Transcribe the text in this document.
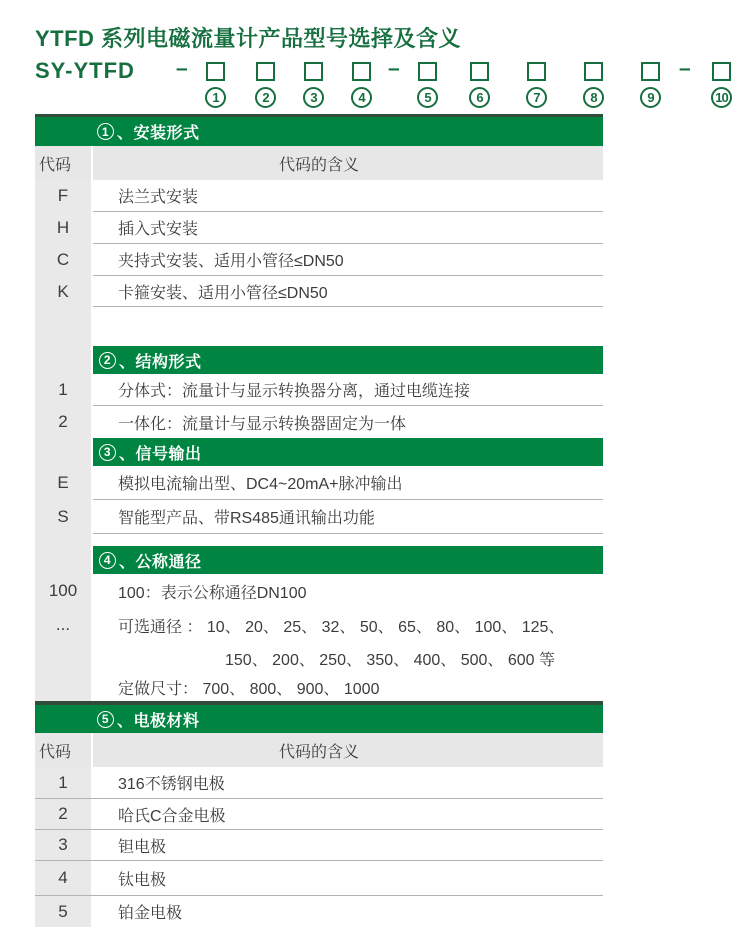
YTFD 系列电磁流量计产品型号选择及含义
SY-YTFD –	–	–
1	2	3	4	5	6	7	8	9	10
1 、安装形式
代码	代码的含义
F	法兰式安装
H	插入式安装
C	夹持式安装、适用小管径≤DN50
K	卡箍安装、适用小管径≤DN50
2 、结构形式
1	分体式：流量计与显示转换器分离，通过电缆连接
2	一体化：流量计与显示转换器固定为一体
3 、信号输出
E	模拟电流输出型、DC4~20mA+脉冲输出
S	智能型产品、带RS485通讯输出功能
4 、公称通径
100	100：表示公称通径DN100
...	可选通径 ： 10、 20、 25、 32、 50、 65、 80、 100、 125、
150、 200、 250、 350、 400、 500、 600 等
定做尺寸： 700、 800、 900、 1000
5 、电极材料
代码	代码的含义
1	316不锈钢电极
2	哈氏C合金电极
3	钽电极
4	钛电极
5	铂金电极
